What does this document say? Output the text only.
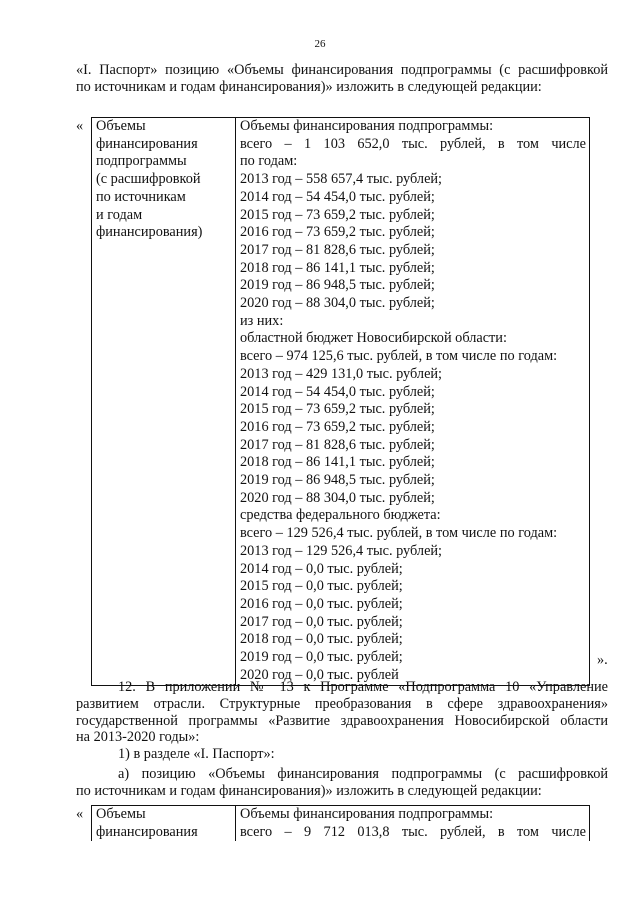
26
«I. Паспорт» позицию «Объемы финансирования подпрограммы (с расшифровкой
по источникам и годам финансирования)» изложить в следующей редакции:
« Объемы
финансирования
подпрограммы
(с расшифровкой
по источникам
и годам
финансирования)

Объемы финансирования подпрограммы:
всего – 1 103 652,0 тыс. рублей, в том числе
по годам:
2013 год – 558 657,4 тыс. рублей;
2014 год – 54 454,0 тыс. рублей;
2015 год – 73 659,2 тыс. рублей;
2016 год – 73 659,2 тыс. рублей;
2017 год – 81 828,6 тыс. рублей;
2018 год – 86 141,1 тыс. рублей;
2019 год – 86 948,5 тыс. рублей;
2020 год – 88 304,0 тыс. рублей;
из них:
областной бюджет Новосибирской области:
всего – 974 125,6 тыс. рублей, в том числе по годам:
2013 год – 429 131,0 тыс. рублей;
2014 год – 54 454,0 тыс. рублей;
2015 год – 73 659,2 тыс. рублей;
2016 год – 73 659,2 тыс. рублей;
2017 год – 81 828,6 тыс. рублей;
2018 год – 86 141,1 тыс. рублей;
2019 год – 86 948,5 тыс. рублей;
2020 год – 88 304,0 тыс. рублей;
средства федерального бюджета:
всего – 129 526,4 тыс. рублей, в том числе по годам:
2013 год – 129 526,4 тыс. рублей;
2014 год – 0,0 тыс. рублей;
2015 год – 0,0 тыс. рублей;
2016 год – 0,0 тыс. рублей;
2017 год – 0,0 тыс. рублей;
2018 год – 0,0 тыс. рублей;
2019 год – 0,0 тыс. рублей;
2020 год – 0,0 тыс. рублей
».
12. В приложении № 13 к Программе «Подпрограмма 10 «Управление
развитием отрасли. Структурные преобразования в сфере здравоохранения»
государственной программы «Развитие здравоохранения Новосибирской области
на 2013-2020 годы»:
1) в разделе «I. Паспорт»:
а) позицию «Объемы финансирования подпрограммы (с расшифровкой
по источникам и годам финансирования)» изложить в следующей редакции:
« Объемы
финансирования

Объемы финансирования подпрограммы:
всего – 9 712 013,8 тыс. рублей, в том числе
